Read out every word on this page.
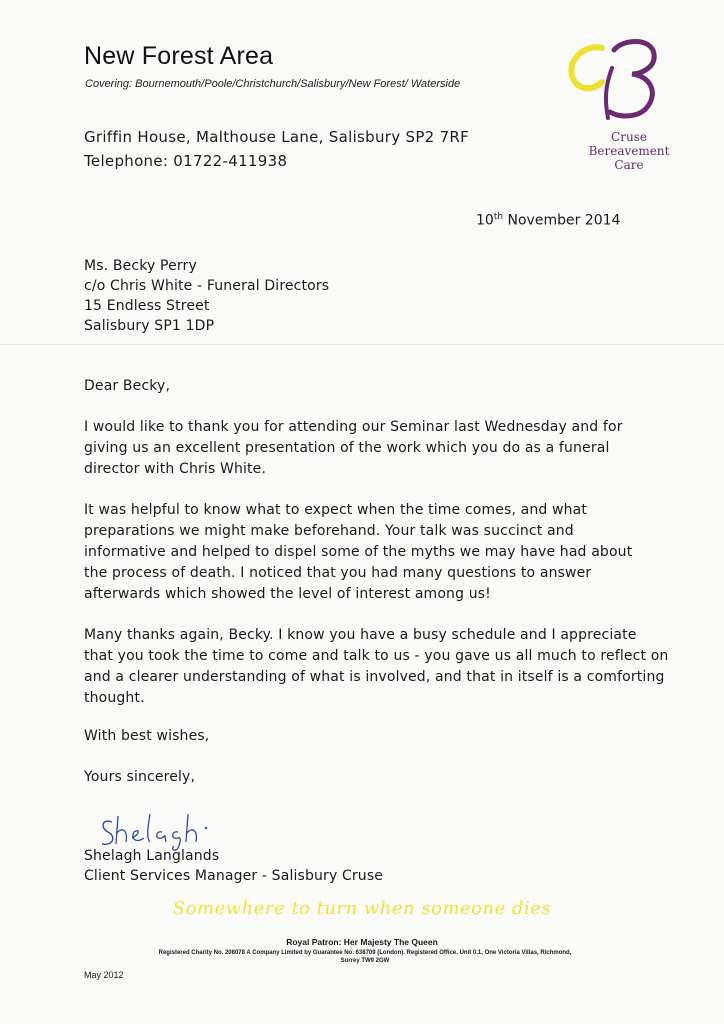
New Forest Area
Covering: Bournemouth/Poole/Christchurch/Salisbury/New Forest/ Waterside
Griffin House, Malthouse Lane, Salisbury SP2 7RF
Telephone: 01722-411938
Cruse
Bereavement
Care
10th November 2014
Ms. Becky Perry
c/o Chris White - Funeral Directors
15 Endless Street
Salisbury SP1 1DP
Dear Becky,
I would like to thank you for attending our Seminar last Wednesday and for
giving us an excellent presentation of the work which you do as a funeral
director with Chris White.
It was helpful to know what to expect when the time comes, and what
preparations we might make beforehand. Your talk was succinct and
informative and helped to dispel some of the myths we may have had about
the process of death. I noticed that you had many questions to answer
afterwards which showed the level of interest among us!
Many thanks again, Becky. I know you have a busy schedule and I appreciate
that you took the time to come and talk to us - you gave us all much to reflect on
and a clearer understanding of what is involved, and that in itself is a comforting
thought.
With best wishes,
Yours sincerely,
Shelagh Langlands
Client Services Manager - Salisbury Cruse
Somewhere to turn when someone dies
Royal Patron: Her Majesty The Queen
Registered Charity No. 208078 A Company Limited by Guarantee No. 638709 (London). Registered Office. Unit 0.1, One Victoria Villas, Richmond,
Surrey TW9 2GW
May 2012
